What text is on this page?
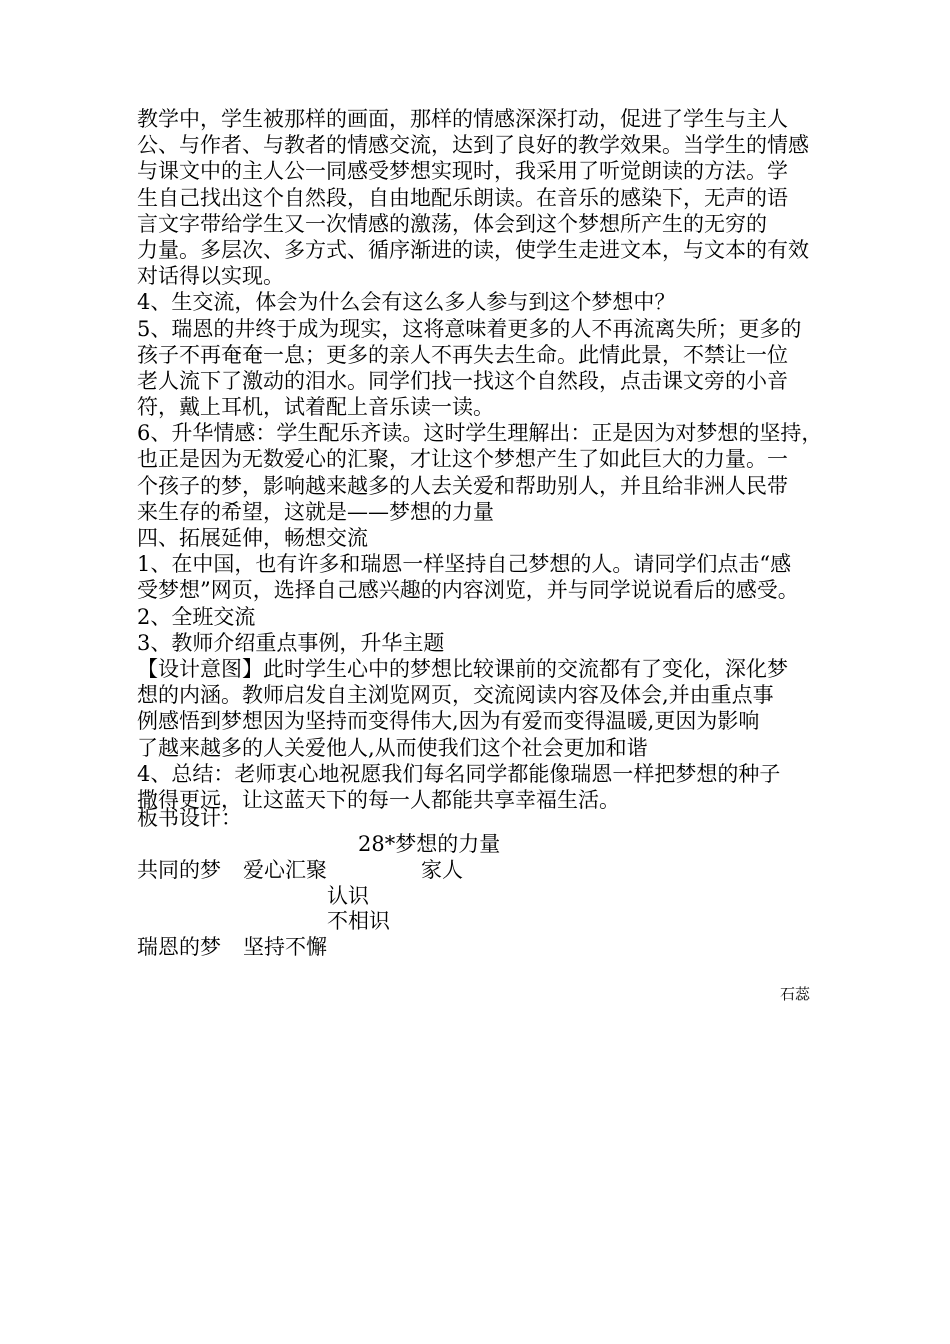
教学中，学生被那样的画面，那样的情感深深打动，促进了学生与主人
公、与作者、与教者的情感交流，达到了良好的教学效果。当学生的情感
与课文中的主人公一同感受梦想实现时，我采用了听觉朗读的方法。学
生自己找出这个自然段，自由地配乐朗读。在音乐的感染下，无声的语
言文字带给学生又一次情感的激荡，体会到这个梦想所产生的无穷的
力量。多层次、多方式、循序渐进的读，使学生走进文本，与文本的有效
对话得以实现。
4、生交流，体会为什么会有这么多人参与到这个梦想中？
5、瑞恩的井终于成为现实，这将意味着更多的人不再流离失所；更多的
孩子不再奄奄一息；更多的亲人不再失去生命。此情此景，不禁让一位
老人流下了激动的泪水。同学们找一找这个自然段，点击课文旁的小音
符，戴上耳机，试着配上音乐读一读。
6、升华情感：学生配乐齐读。这时学生理解出：正是因为对梦想的坚持，
也正是因为无数爱心的汇聚，才让这个梦想产生了如此巨大的力量。一
个孩子的梦，影响越来越多的人去关爱和帮助别人，并且给非洲人民带
来生存的希望，这就是——梦想的力量
四、拓展延伸，畅想交流
1、在中国，也有许多和瑞恩一样坚持自己梦想的人。请同学们点击“感
受梦想”网页，选择自己感兴趣的内容浏览，并与同学说说看后的感受。
2、全班交流
3、教师介绍重点事例，升华主题
【设计意图】此时学生心中的梦想比较课前的交流都有了变化，深化梦
想的内涵。教师启发自主浏览网页，交流阅读内容及体会,并由重点事
例感悟到梦想因为坚持而变得伟大,因为有爱而变得温暖,更因为影响
了越来越多的人关爱他人,从而使我们这个社会更加和谐
4、总结：老师衷心地祝愿我们每名同学都能像瑞恩一样把梦想的种子
撒得更远，让这蓝天下的每一人都能共享幸福生活。
板书设计：
28*梦想的力量
共同的梦 爱心汇聚	家人
认识
不相识
瑞恩的梦 坚持不懈
石蕊
